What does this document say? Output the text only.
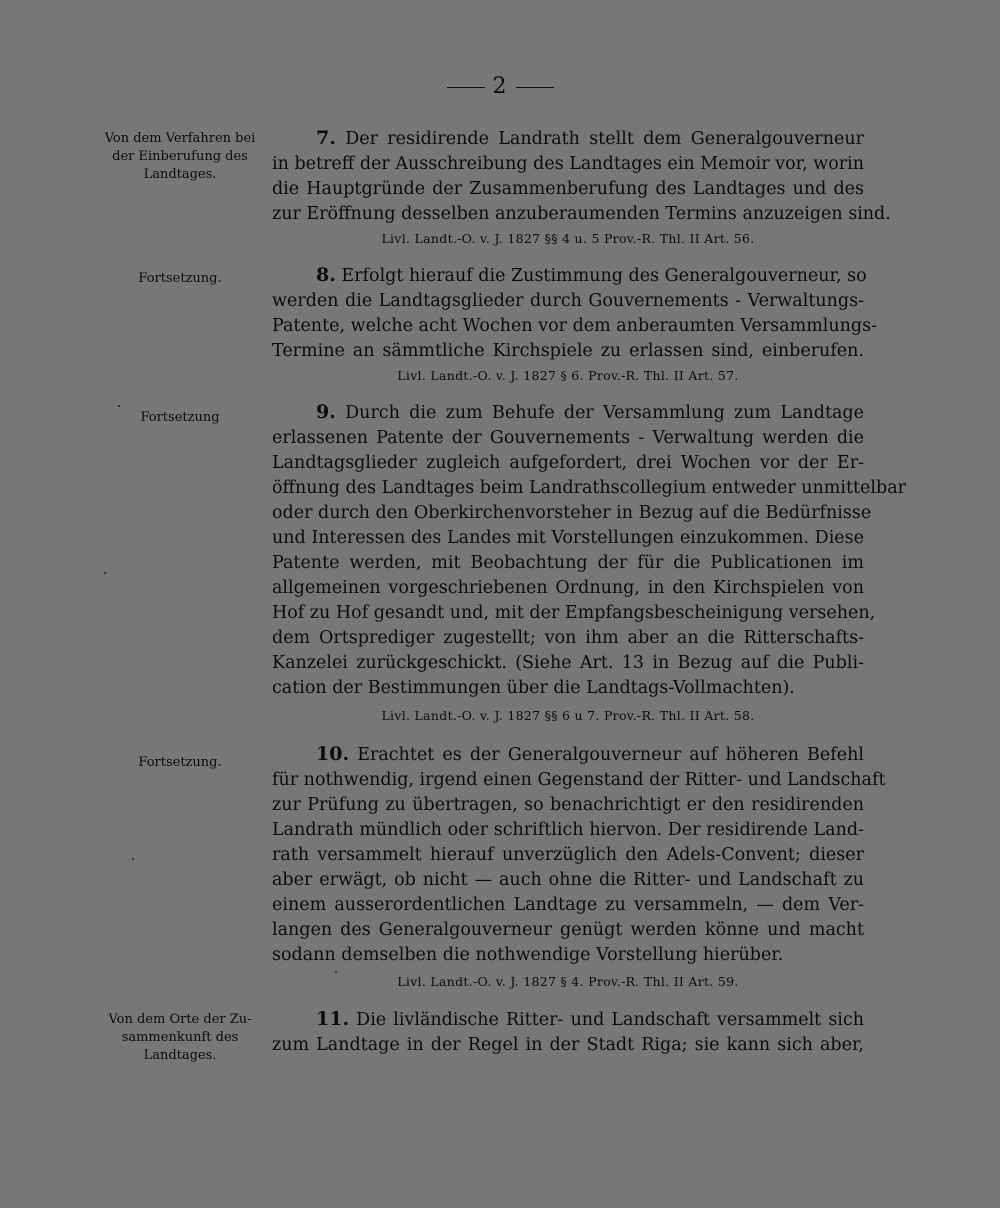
2
Von dem Verfahren bei
der Einberufung des
Landtages.
Fortsetzung.
Fortsetzung
Fortsetzung.
Von dem Orte der Zu-
sammenkunft des
Landtages.
7. Der residirende Landrath stellt dem Generalgouverneur
in betreff der Ausschreibung des Landtages ein Memoir vor, worin
die Hauptgründe der Zusammenberufung des Landtages und des
zur Eröffnung desselben anzuberaumenden Termins anzuzeigen sind.
Livl. Landt.-O. v. J. 1827 §§ 4 u. 5 Prov.-R. Thl. II Art. 56.
8. Erfolgt hierauf die Zustimmung des Generalgouverneur, so
werden die Landtagsglieder durch Gouvernements - Verwaltungs-
Patente, welche acht Wochen vor dem anberaumten Versammlungs-
Termine an sämmtliche Kirchspiele zu erlassen sind, einberufen.
Livl. Landt.-O. v. J. 1827 § 6. Prov.-R. Thl. II Art. 57.
9. Durch die zum Behufe der Versammlung zum Landtage
erlassenen Patente der Gouvernements - Verwaltung werden die
Landtagsglieder zugleich aufgefordert, drei Wochen vor der Er-
öffnung des Landtages beim Landrathscollegium entweder unmittelbar
oder durch den Oberkirchenvorsteher in Bezug auf die Bedürfnisse
und Interessen des Landes mit Vorstellungen einzukommen. Diese
Patente werden, mit Beobachtung der für die Publicationen im
allgemeinen vorgeschriebenen Ordnung, in den Kirchspielen von
Hof zu Hof gesandt und, mit der Empfangsbescheinigung versehen,
dem Ortsprediger zugestellt; von ihm aber an die Ritterschafts-
Kanzelei zurückgeschickt. (Siehe Art. 13 in Bezug auf die Publi-
cation der Bestimmungen über die Landtags-Vollmachten).
Livl. Landt.-O. v. J. 1827 §§ 6 u 7. Prov.-R. Thl. II Art. 58.
10. Erachtet es der Generalgouverneur auf höheren Befehl
für nothwendig, irgend einen Gegenstand der Ritter- und Landschaft
zur Prüfung zu übertragen, so benachrichtigt er den residirenden
Landrath mündlich oder schriftlich hiervon. Der residirende Land-
rath versammelt hierauf unverzüglich den Adels-Convent; dieser
aber erwägt, ob nicht — auch ohne die Ritter- und Landschaft zu
einem ausserordentlichen Landtage zu versammeln, — dem Ver-
langen des Generalgouverneur genügt werden könne und macht
sodann demselben die nothwendige Vorstellung hierüber.
Livl. Landt.-O. v. J. 1827 § 4. Prov.-R. Thl. II Art. 59.
11. Die livländische Ritter- und Landschaft versammelt sich
zum Landtage in der Regel in der Stadt Riga; sie kann sich aber,
